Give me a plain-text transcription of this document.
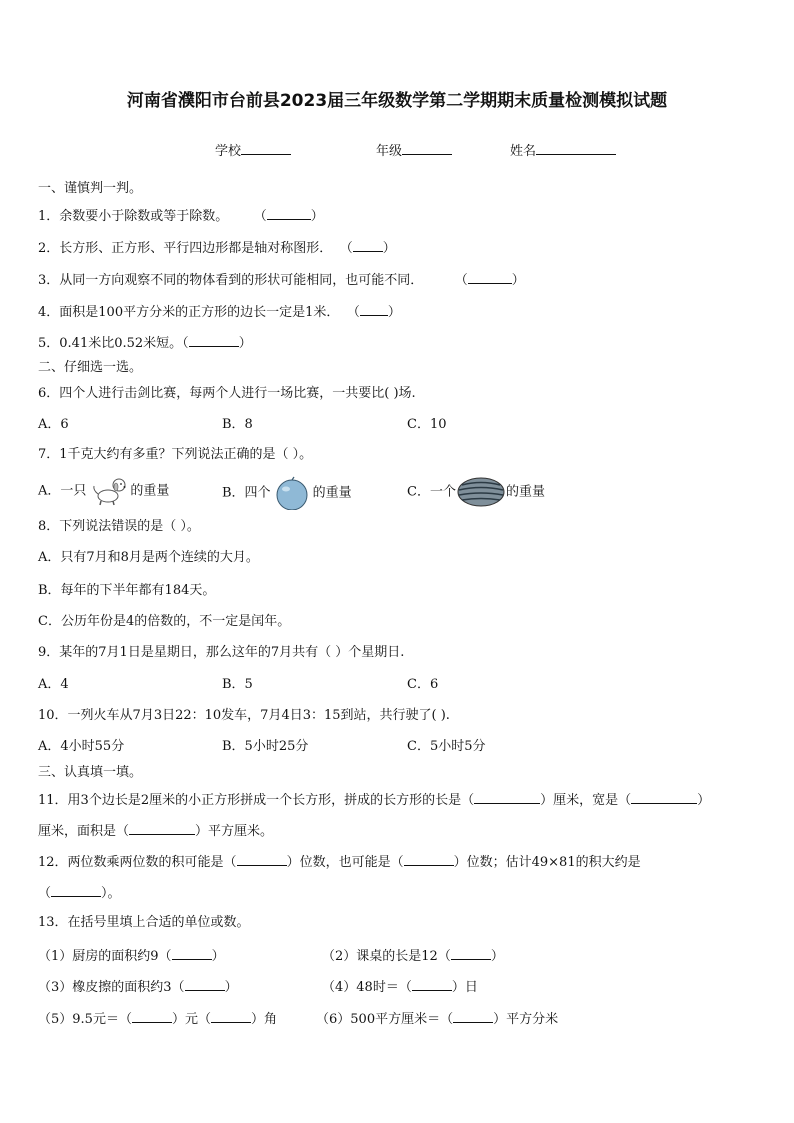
河南省濮阳市台前县2023届三年级数学第二学期期末质量检测模拟试题
学校	年级	姓名
一、谨慎判一判。
1．余数要小于除数或等于除数。 （	）
2．长方形、正方形、平行四边形都是轴对称图形． （ ）
3．从同一方向观察不同的物体看到的形状可能相同，也可能不同．	（	）
4．面积是100平方分米的正方形的边长一定是1米． （ ）
5．0.41米比0.52米短。（	）
二、仔细选一选。
6．四个人进行击剑比赛，每两个人进行一场比赛，一共要比( )场.
A．6	B．8	C．10
7．1千克大约有多重？下列说法正确的是（ ）。
A．一只	的重量	B．四个	的重量	C．一个	的重量
8．下列说法错误的是（ ）。
A．只有7月和8月是两个连续的大月。
B．每年的下半年都有184天。
C．公历年份是4的倍数的，不一定是闰年。
9．某年的7月1日是星期日，那么这年的7月共有（ ）个星期日.
A．4	B．5	C．6
10．一列火车从7月3日22：10发车，7月4日3：15到站，共行驶了( ).
A．4小时55分	B．5小时25分	C．5小时5分
三、认真填一填。
11．用3个边长是2厘米的小正方形拼成一个长方形，拼成的长方形的长是（	）厘米，宽是（	）
厘米，面积是（	）平方厘米。
12．两位数乘两位数的积可能是（	）位数，也可能是（	）位数；估计49×81的积大约是
（	）。
13．在括号里填上合适的单位或数。
（1）厨房的面积约9（	）	（2）课桌的长是12（	）
（3）橡皮擦的面积约3（	）	（4）48时＝（	）日
（5）9.5元＝（	）元（	）角	（6）500平方厘米＝（	）平方分米
